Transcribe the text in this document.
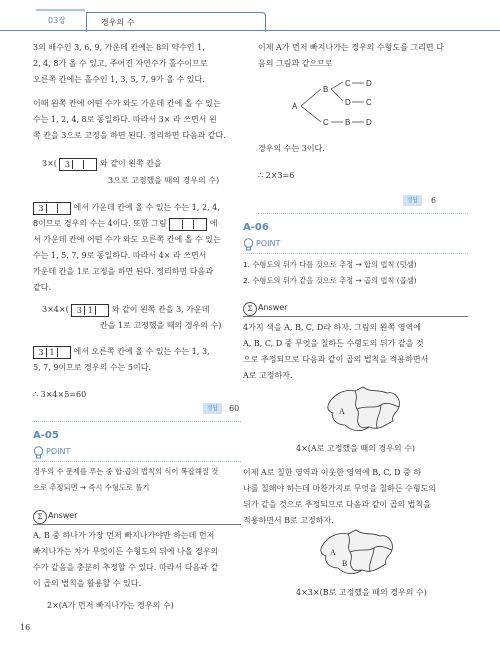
03장	경우의 수

3의 배수인 3, 6, 9, 가운데 칸에는 8의 약수인 1,

2, 4, 8가 올 수 있고, 주어진 자연수가 홀수이므로

오른쪽 칸에는 홀수인 1, 3, 5, 7, 9가 올 수 있다.

이때 왼쪽 칸에 어떤 수가 와도 가운데 칸에 올 수 있는

수는 1, 2, 4, 8로 동일하다. 따라서 3× 라 쓰면서 왼

쪽 칸을 3으로 고정을 하면 된다. 정리하면 다음과 같다.

3×( 3	와 같이 왼쪽 칸을
3으로 고정했을 때의 경우의 수)

3	에서 가운데 칸에 올 수 있는 수는 1, 2, 4,

8이므로 경우의 수는 4이다. 또한 그림	에

서 가운데 칸에 어떤 수가 와도 오른쪽 칸에 올 수 있는

수는 1, 5, 7, 9로 동일하다. 따라서 4× 라 쓰면서

가운데 칸을 1로 고정을 하면 된다. 정리하면 다음과

같다.

3×4×( 3 1 와 같이 왼쪽 칸을 3, 가운데
칸을 1로 고정했을 때의 경우의 수)

3 1 에서 오른쪽 칸에 올 수 있는 수는 1, 3,

5, 7, 9이므로 경우의 수는 5이다.

∴ 3×4×5=60
정답	60
A-05
POINT

경우의 수 문제를 푸는 중 합·곱의 법칙의 식이 복잡해질 것

으로 추정되면 → 즉시 수형도로 풀기

Σ Answer

A, B 중 하나가 가장 먼저 빠지나가야만 하는데 먼저

빠지나가는 차가 무엇이든 수형도의 뒤에 나올 경우의

수가 같음을 충분히 추정할 수 있다. 따라서 다음과 같

이 곱의 법칙을 활용할 수 있다.

2×(A가 먼저 빠지나가는 경우의 수)

이제 A가 먼저 빠지나가는 경우의 수형도를 그리면 다

음의 그림과 같으므로

A
B
C
C D
D C
B D
경우의 수는 3이다.
∴ 2×3=6
정답	6
A-06
POINT

1. 수형도의 뒤가 다를 것으로 추정 → 합의 법칙 (덧셈)

2. 수형도의 뒤가 같을 것으로 추정 → 곱의 법칙 (곱셈)

Σ Answer

4가지 색을 A, B, C, D라 하자. 그림의 왼쪽 영역에

A, B, C, D 중 무엇을 칠하든 수형도의 뒤가 같을 것

으로 추정되므로 다음과 같이 곱의 법칙을 적용하면서

A로 고정하자.

A
4×(A로 고정했을 때의 경우의 수)

이제 A로 칠한 영역과 이웃한 영역에 B, C, D 중 하

나를 칠해야 하는데 마찬가지로 무엇을 칠하든 수형도의

뒤가 같을 것으로 추정되므로 다음과 같이 곱의 법칙을

적용하면서 B로 고정하자.

A
B
4×3×(B로 고정했을 때의 경우의 수)
16
